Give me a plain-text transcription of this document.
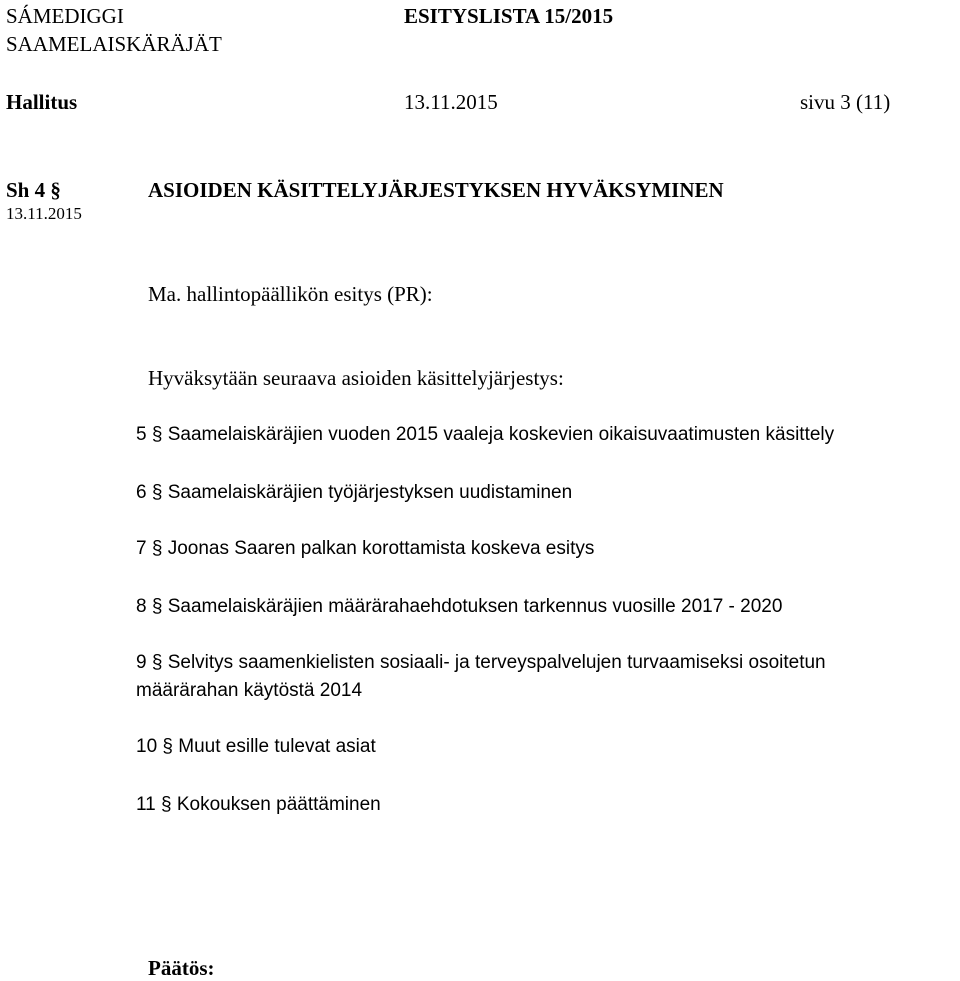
SÁMEDIGGI
SAAMELAISKÄRÄJÄT
ESITYSLISTA 15/2015
Hallitus	13.11.2015	sivu 3 (11)
Sh 4 §
13.11.2015
ASIOIDEN KÄSITTELYJÄRJESTYKSEN HYVÄKSYMINEN
Ma. hallintopäällikön esitys (PR):
Hyväksytään seuraava asioiden käsittelyjärjestys:
5 § Saamelaiskäräjien vuoden 2015 vaaleja koskevien oikaisuvaatimusten käsittely
6 § Saamelaiskäräjien työjärjestyksen uudistaminen
7 § Joonas Saaren palkan korottamista koskeva esitys
8 § Saamelaiskäräjien määrärahaehdotuksen tarkennus vuosille 2017 - 2020
9 § Selvitys saamenkielisten sosiaali- ja terveyspalvelujen turvaamiseksi osoitetun
määrärahan käytöstä 2014
10 § Muut esille tulevat asiat
11 § Kokouksen päättäminen
Päätös:
